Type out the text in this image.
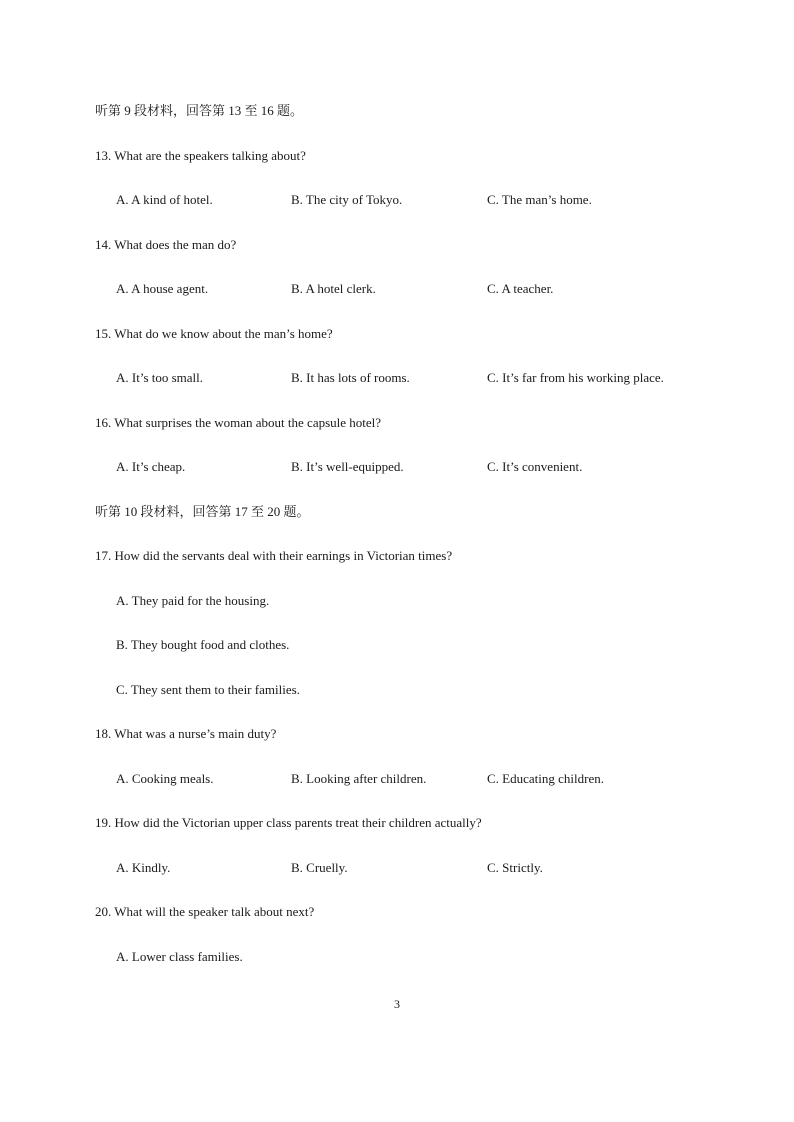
听第 9 段材料，回答第 13 至 16 题。
13. What are the speakers talking about?
A. A kind of hotel.	B. The city of Tokyo.	C. The man’s home.
14. What does the man do?
A. A house agent.	B. A hotel clerk.	C. A teacher.
15. What do we know about the man’s home?
A. It’s too small.	B. It has lots of rooms.	C. It’s far from his working place.
16. What surprises the woman about the capsule hotel?
A. It’s cheap.	B. It’s well-equipped.	C. It’s convenient.
听第 10 段材料，回答第 17 至 20 题。
17. How did the servants deal with their earnings in Victorian times?
A. They paid for the housing.
B. They bought food and clothes.
C. They sent them to their families.
18. What was a nurse’s main duty?
A. Cooking meals.	B. Looking after children.	C. Educating children.
19. How did the Victorian upper class parents treat their children actually?
A. Kindly.	B. Cruelly.	C. Strictly.
20. What will the speaker talk about next?
A. Lower class families.
3
